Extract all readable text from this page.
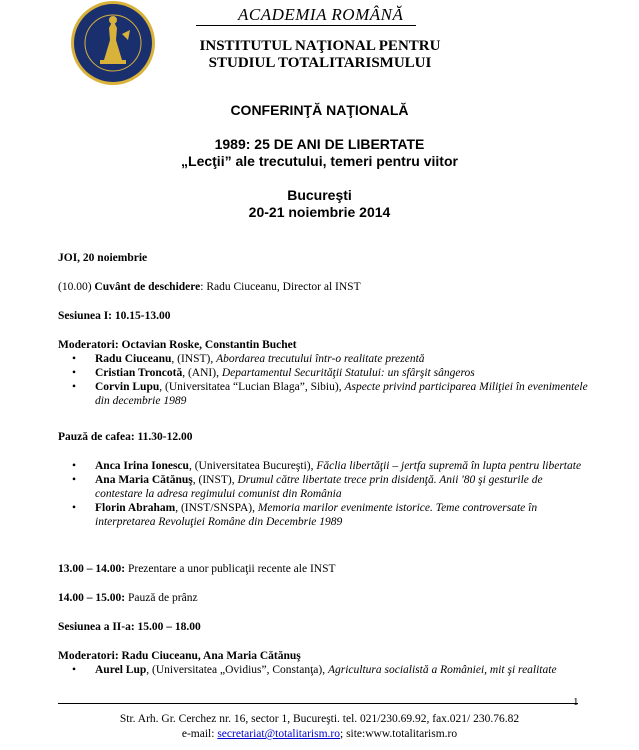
ACADEMIA ROMÂNĂ
INSTITUTUL NAŢIONAL PENTRU
STUDIUL TOTALITARISMULUI
CONFERINŢĂ NAŢIONALĂ
1989: 25 DE ANI DE LIBERTATE
„Lecţii” ale trecutului, temeri pentru viitor
Bucureşti
20-21 noiembrie 2014
JOI, 20 noiembrie
(10.00) Cuvânt de deschidere: Radu Ciuceanu, Director al INST
Sesiunea I: 10.15-13.00
Moderatori: Octavian Roske, Constantin Buchet
• Radu Ciuceanu, (INST), Abordarea trecutului într-o realitate prezentă
• Cristian Troncotă, (ANI), Departamentul Securităţii Statului: un sfârşit sângeros
• Corvin Lupu, (Universitatea “Lucian Blaga”, Sibiu), Aspecte privind participarea Miliţiei în evenimentele din decembrie 1989
Pauză de cafea: 11.30-12.00
• Anca Irina Ionescu, (Universitatea Bucureşti), Făclia libertăţii – jertfa supremă în lupta pentru libertate
• Ana Maria Cătănuş, (INST), Drumul către libertate trece prin disidenţă. Anii '80 şi gesturile de contestare la adresa regimului comunist din România
• Florin Abraham, (INST/SNSPA), Memoria marilor evenimente istorice. Teme controversate în interpretarea Revoluţiei Române din Decembrie 1989
13.00 – 14.00: Prezentare a unor publicaţii recente ale INST
14.00 – 15.00: Pauză de prânz
Sesiunea a II-a: 15.00 – 18.00
Moderatori: Radu Ciuceanu, Ana Maria Cătănuş
• Aurel Lup, (Universitatea „Ovidius”, Constanţa), Agricultura socialistă a României, mit şi realitate
1
Str. Arh. Gr. Cerchez nr. 16, sector 1, Bucureşti. tel. 021/230.69.92, fax.021/ 230.76.82
e-mail: secretariat@totalitarism.ro; site:www.totalitarism.ro
